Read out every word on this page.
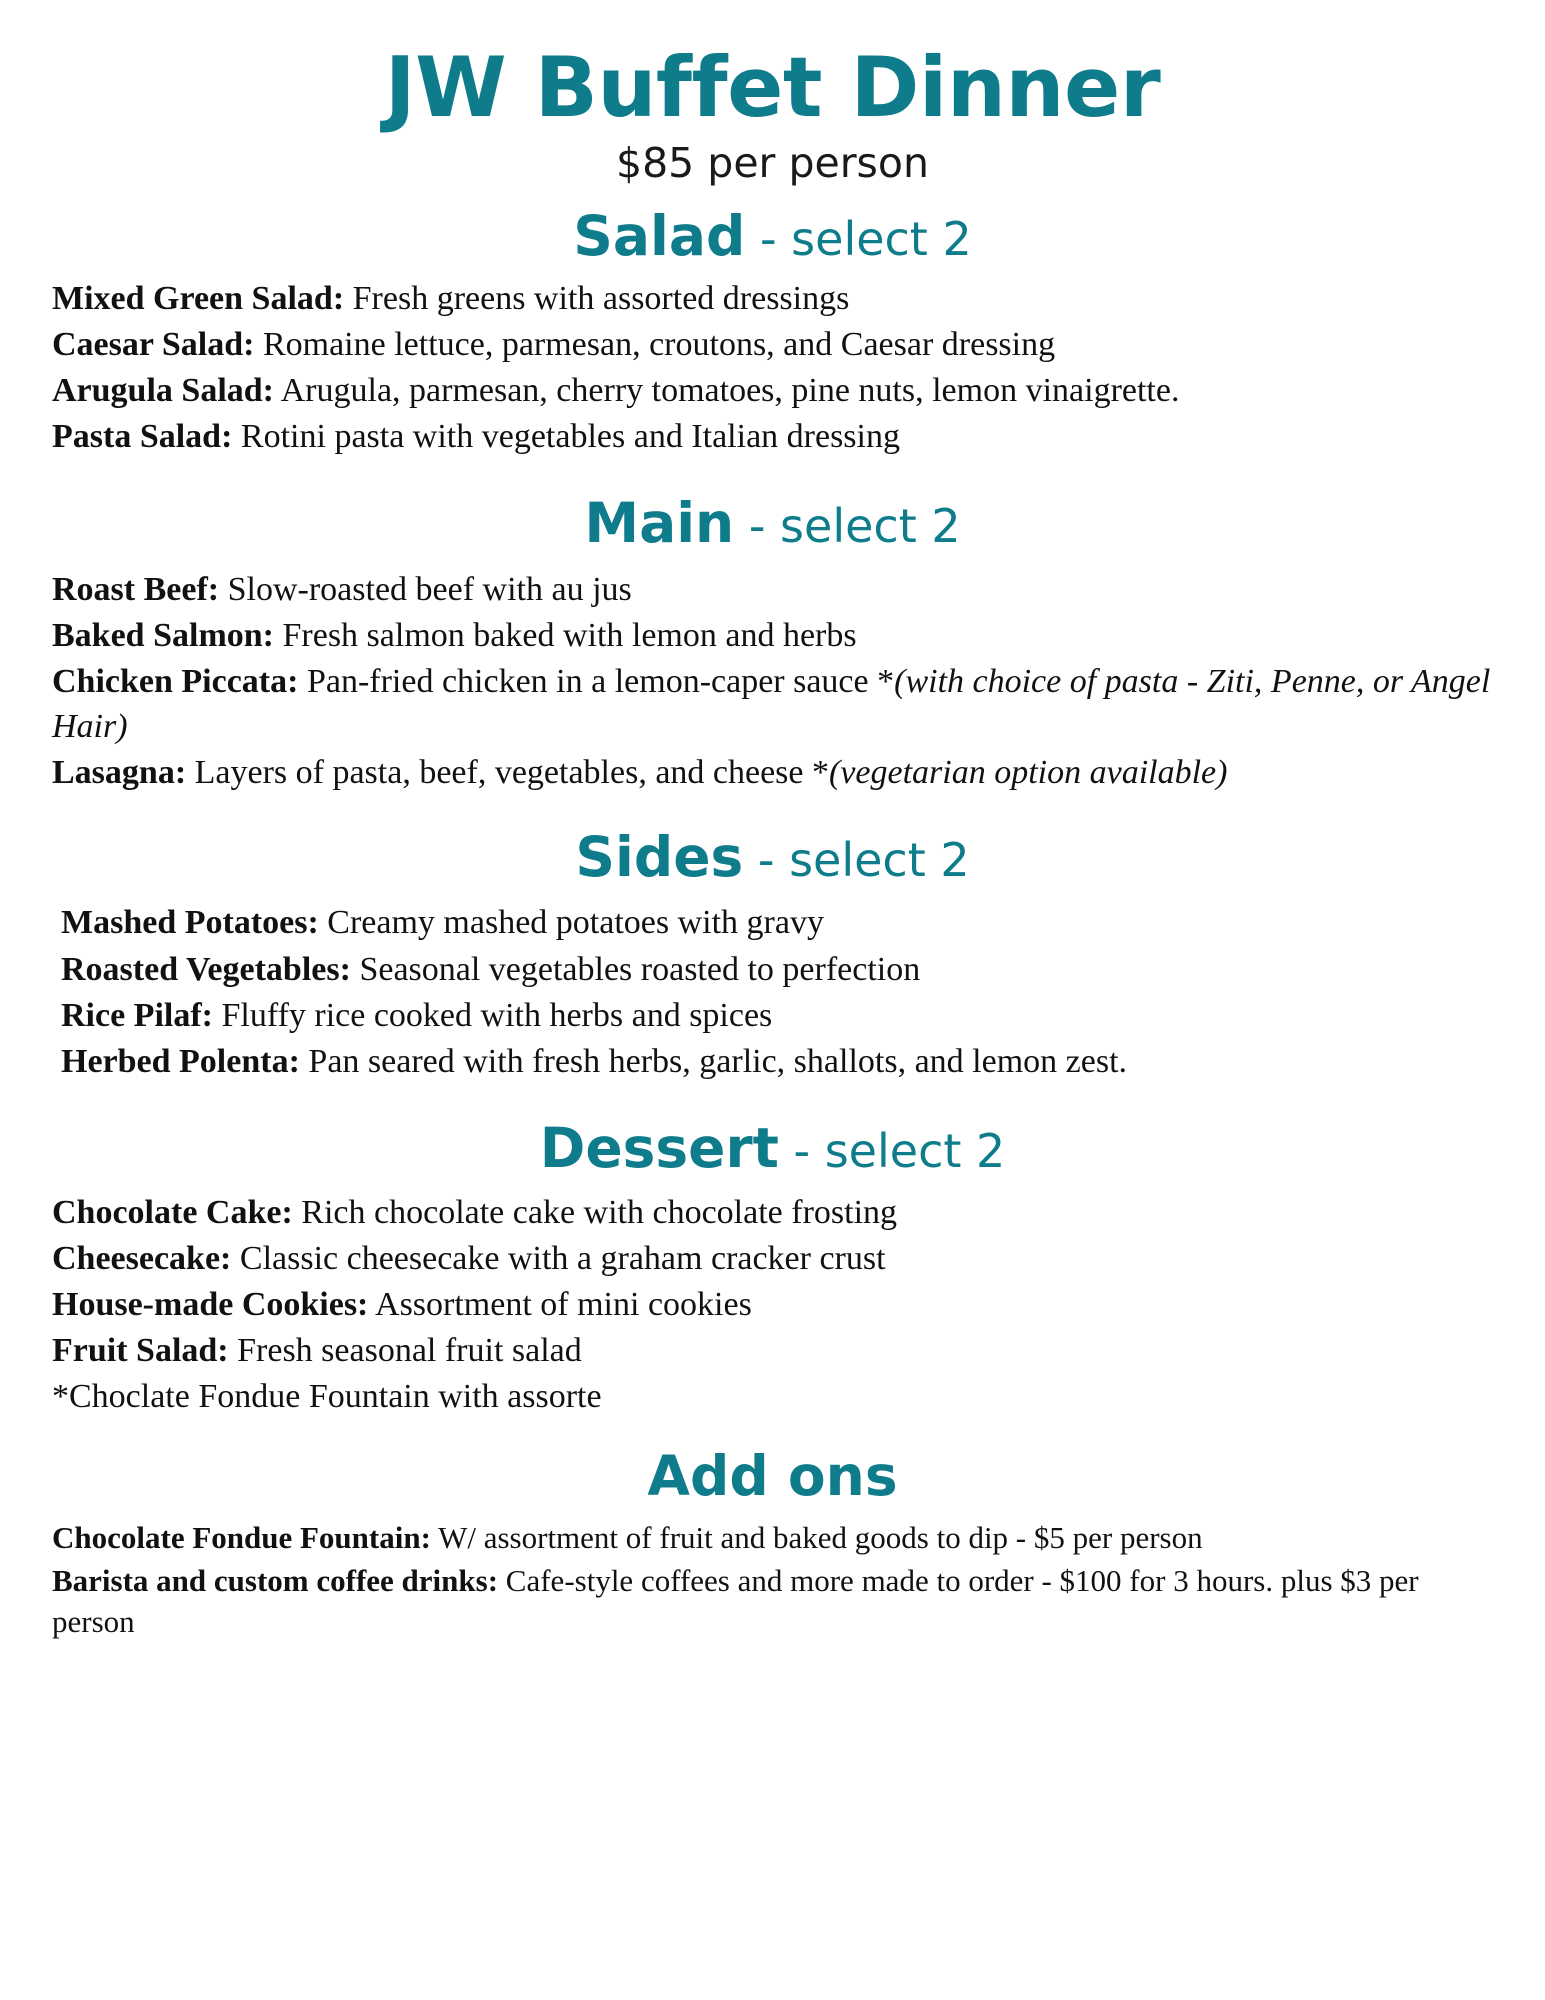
JW Buffet Dinner
$85 per person
Salad - select 2
Mixed Green Salad: Fresh greens with assorted dressings
Caesar Salad: Romaine lettuce, parmesan, croutons, and Caesar dressing
Arugula Salad: Arugula, parmesan, cherry tomatoes, pine nuts, lemon vinaigrette.
Pasta Salad: Rotini pasta with vegetables and Italian dressing
Main - select 2
Roast Beef: Slow-roasted beef with au jus
Baked Salmon: Fresh salmon baked with lemon and herbs
Chicken Piccata: Pan-fried chicken in a lemon-caper sauce *(with choice of pasta - Ziti, Penne, or Angel Hair)
Lasagna: Layers of pasta, beef, vegetables, and cheese *(vegetarian option available)
Sides - select 2
Mashed Potatoes: Creamy mashed potatoes with gravy
Roasted Vegetables: Seasonal vegetables roasted to perfection
Rice Pilaf: Fluffy rice cooked with herbs and spices
Herbed Polenta: Pan seared with fresh herbs, garlic, shallots, and lemon zest.
Dessert - select 2
Chocolate Cake: Rich chocolate cake with chocolate frosting
Cheesecake: Classic cheesecake with a graham cracker crust
House-made Cookies: Assortment of mini cookies
Fruit Salad: Fresh seasonal fruit salad
*Choclate Fondue Fountain with assorte
Add ons
Chocolate Fondue Fountain: W/ assortment of fruit and baked goods to dip - $5 per person
Barista and custom coffee drinks: Cafe-style coffees and more made to order - $100 for 3 hours. plus $3 per person
